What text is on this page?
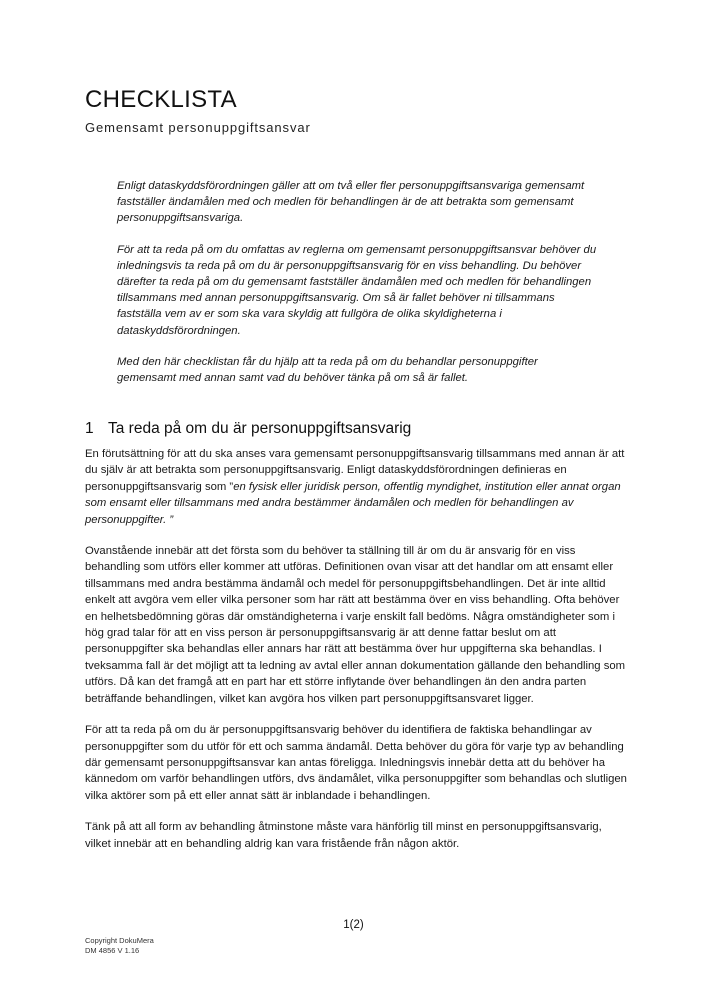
CHECKLISTA
Gemensamt personuppgiftsansvar

Enligt dataskyddsförordningen gäller att om två eller fler personuppgiftsansvariga gemensamt fastställer ändamålen med och medlen för behandlingen är de att betrakta som gemensamt personuppgiftsansvariga.

För att ta reda på om du omfattas av reglerna om gemensamt personuppgiftsansvar behöver du inledningsvis ta reda på om du är personuppgiftsansvarig för en viss behandling. Du behöver därefter ta reda på om du gemensamt fastställer ändamålen med och medlen för behandlingen tillsammans med annan personuppgiftsansvarig. Om så är fallet behöver ni tillsammans fastställa vem av er som ska vara skyldig att fullgöra de olika skyldigheterna i dataskyddsförordningen.

Med den här checklistan får du hjälp att ta reda på om du behandlar personuppgifter gemensamt med annan samt vad du behöver tänka på om så är fallet.

1 Ta reda på om du är personuppgiftsansvarig

En förutsättning för att du ska anses vara gemensamt personuppgiftsansvarig tillsammans med annan är att du själv är att betrakta som personuppgiftsansvarig. Enligt dataskyddsförordningen definieras en personuppgiftsansvarig som ”en fysisk eller juridisk person, offentlig myndighet, institution eller annat organ som ensamt eller tillsammans med andra bestämmer ändamålen och medlen för behandlingen av personuppgifter. ”

Ovanstående innebär att det första som du behöver ta ställning till är om du är ansvarig för en viss behandling som utförs eller kommer att utföras. Definitionen ovan visar att det handlar om att ensamt eller tillsammans med andra bestämma ändamål och medel för personuppgiftsbehandlingen. Det är inte alltid enkelt att avgöra vem eller vilka personer som har rätt att bestämma över en viss behandling. Ofta behöver en helhetsbedömning göras där omständigheterna i varje enskilt fall bedöms. Några omständigheter som i hög grad talar för att en viss person är personuppgiftsansvarig är att denne fattar beslut om att personuppgifter ska behandlas eller annars har rätt att bestämma över hur uppgifterna ska behandlas. I tveksamma fall är det möjligt att ta ledning av avtal eller annan dokumentation gällande den behandling som utförs. Då kan det framgå att en part har ett större inflytande över behandlingen än den andra parten beträffande behandlingen, vilket kan avgöra hos vilken part personuppgiftsansvaret ligger.

För att ta reda på om du är personuppgiftsansvarig behöver du identifiera de faktiska behandlingar av personuppgifter som du utför för ett och samma ändamål. Detta behöver du göra för varje typ av behandling där gemensamt personuppgiftsansvar kan antas föreligga. Inledningsvis innebär detta att du behöver ha kännedom om varför behandlingen utförs, dvs ändamålet, vilka personuppgifter som behandlas och slutligen vilka aktörer som på ett eller annat sätt är inblandade i behandlingen.

Tänk på att all form av behandling åtminstone måste vara hänförlig till minst en personuppgiftsansvarig, vilket innebär att en behandling aldrig kan vara fristående från någon aktör.

1(2)
Copyright DokuMera
DM 4856 V 1.16
